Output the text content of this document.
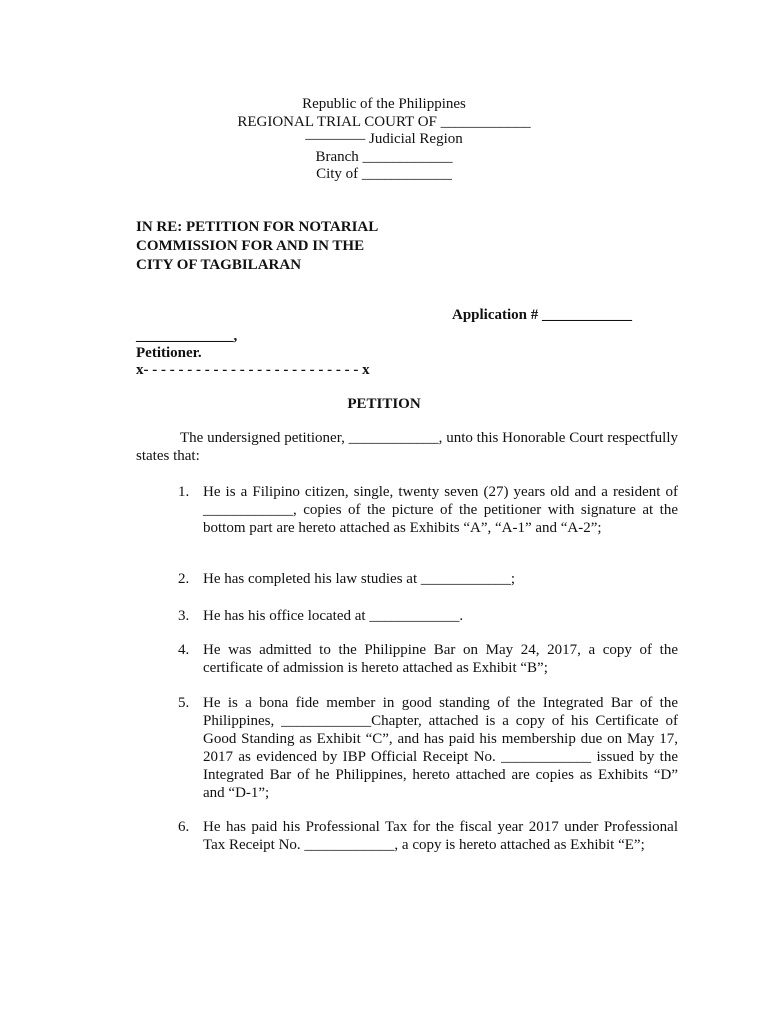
Republic of the Philippines
REGIONAL TRIAL COURT OF ____________
———— Judicial Region
Branch ____________
City of ____________
IN RE: PETITION FOR NOTARIAL
COMMISSION FOR AND IN THE
CITY OF TAGBILARAN
Application # ____________
_____________,
Petitioner.
x- - - - - - - - - - - - - - - - - - - - - - - - - x
PETITION
The undersigned petitioner, ____________, unto this Honorable Court respectfully states that:
1. He is a Filipino citizen, single, twenty seven (27) years old and a resident of ____________, copies of the picture of the petitioner with signature at the bottom part are hereto attached as Exhibits “A”, “A-1” and “A-2”;
2. He has completed his law studies at ____________;
3. He has his office located at ____________.
4. He was admitted to the Philippine Bar on May 24, 2017, a copy of the certificate of admission is hereto attached as Exhibit “B”;
5. He is a bona fide member in good standing of the Integrated Bar of the Philippines, ____________Chapter, attached is a copy of his Certificate of Good Standing as Exhibit “C”, and has paid his membership due on May 17, 2017 as evidenced by IBP Official Receipt No. ____________ issued by the Integrated Bar of he Philippines, hereto attached are copies as Exhibits “D” and “D-1”;
6. He has paid his Professional Tax for the fiscal year 2017 under Professional Tax Receipt No. ____________, a copy is hereto attached as Exhibit “E”;
